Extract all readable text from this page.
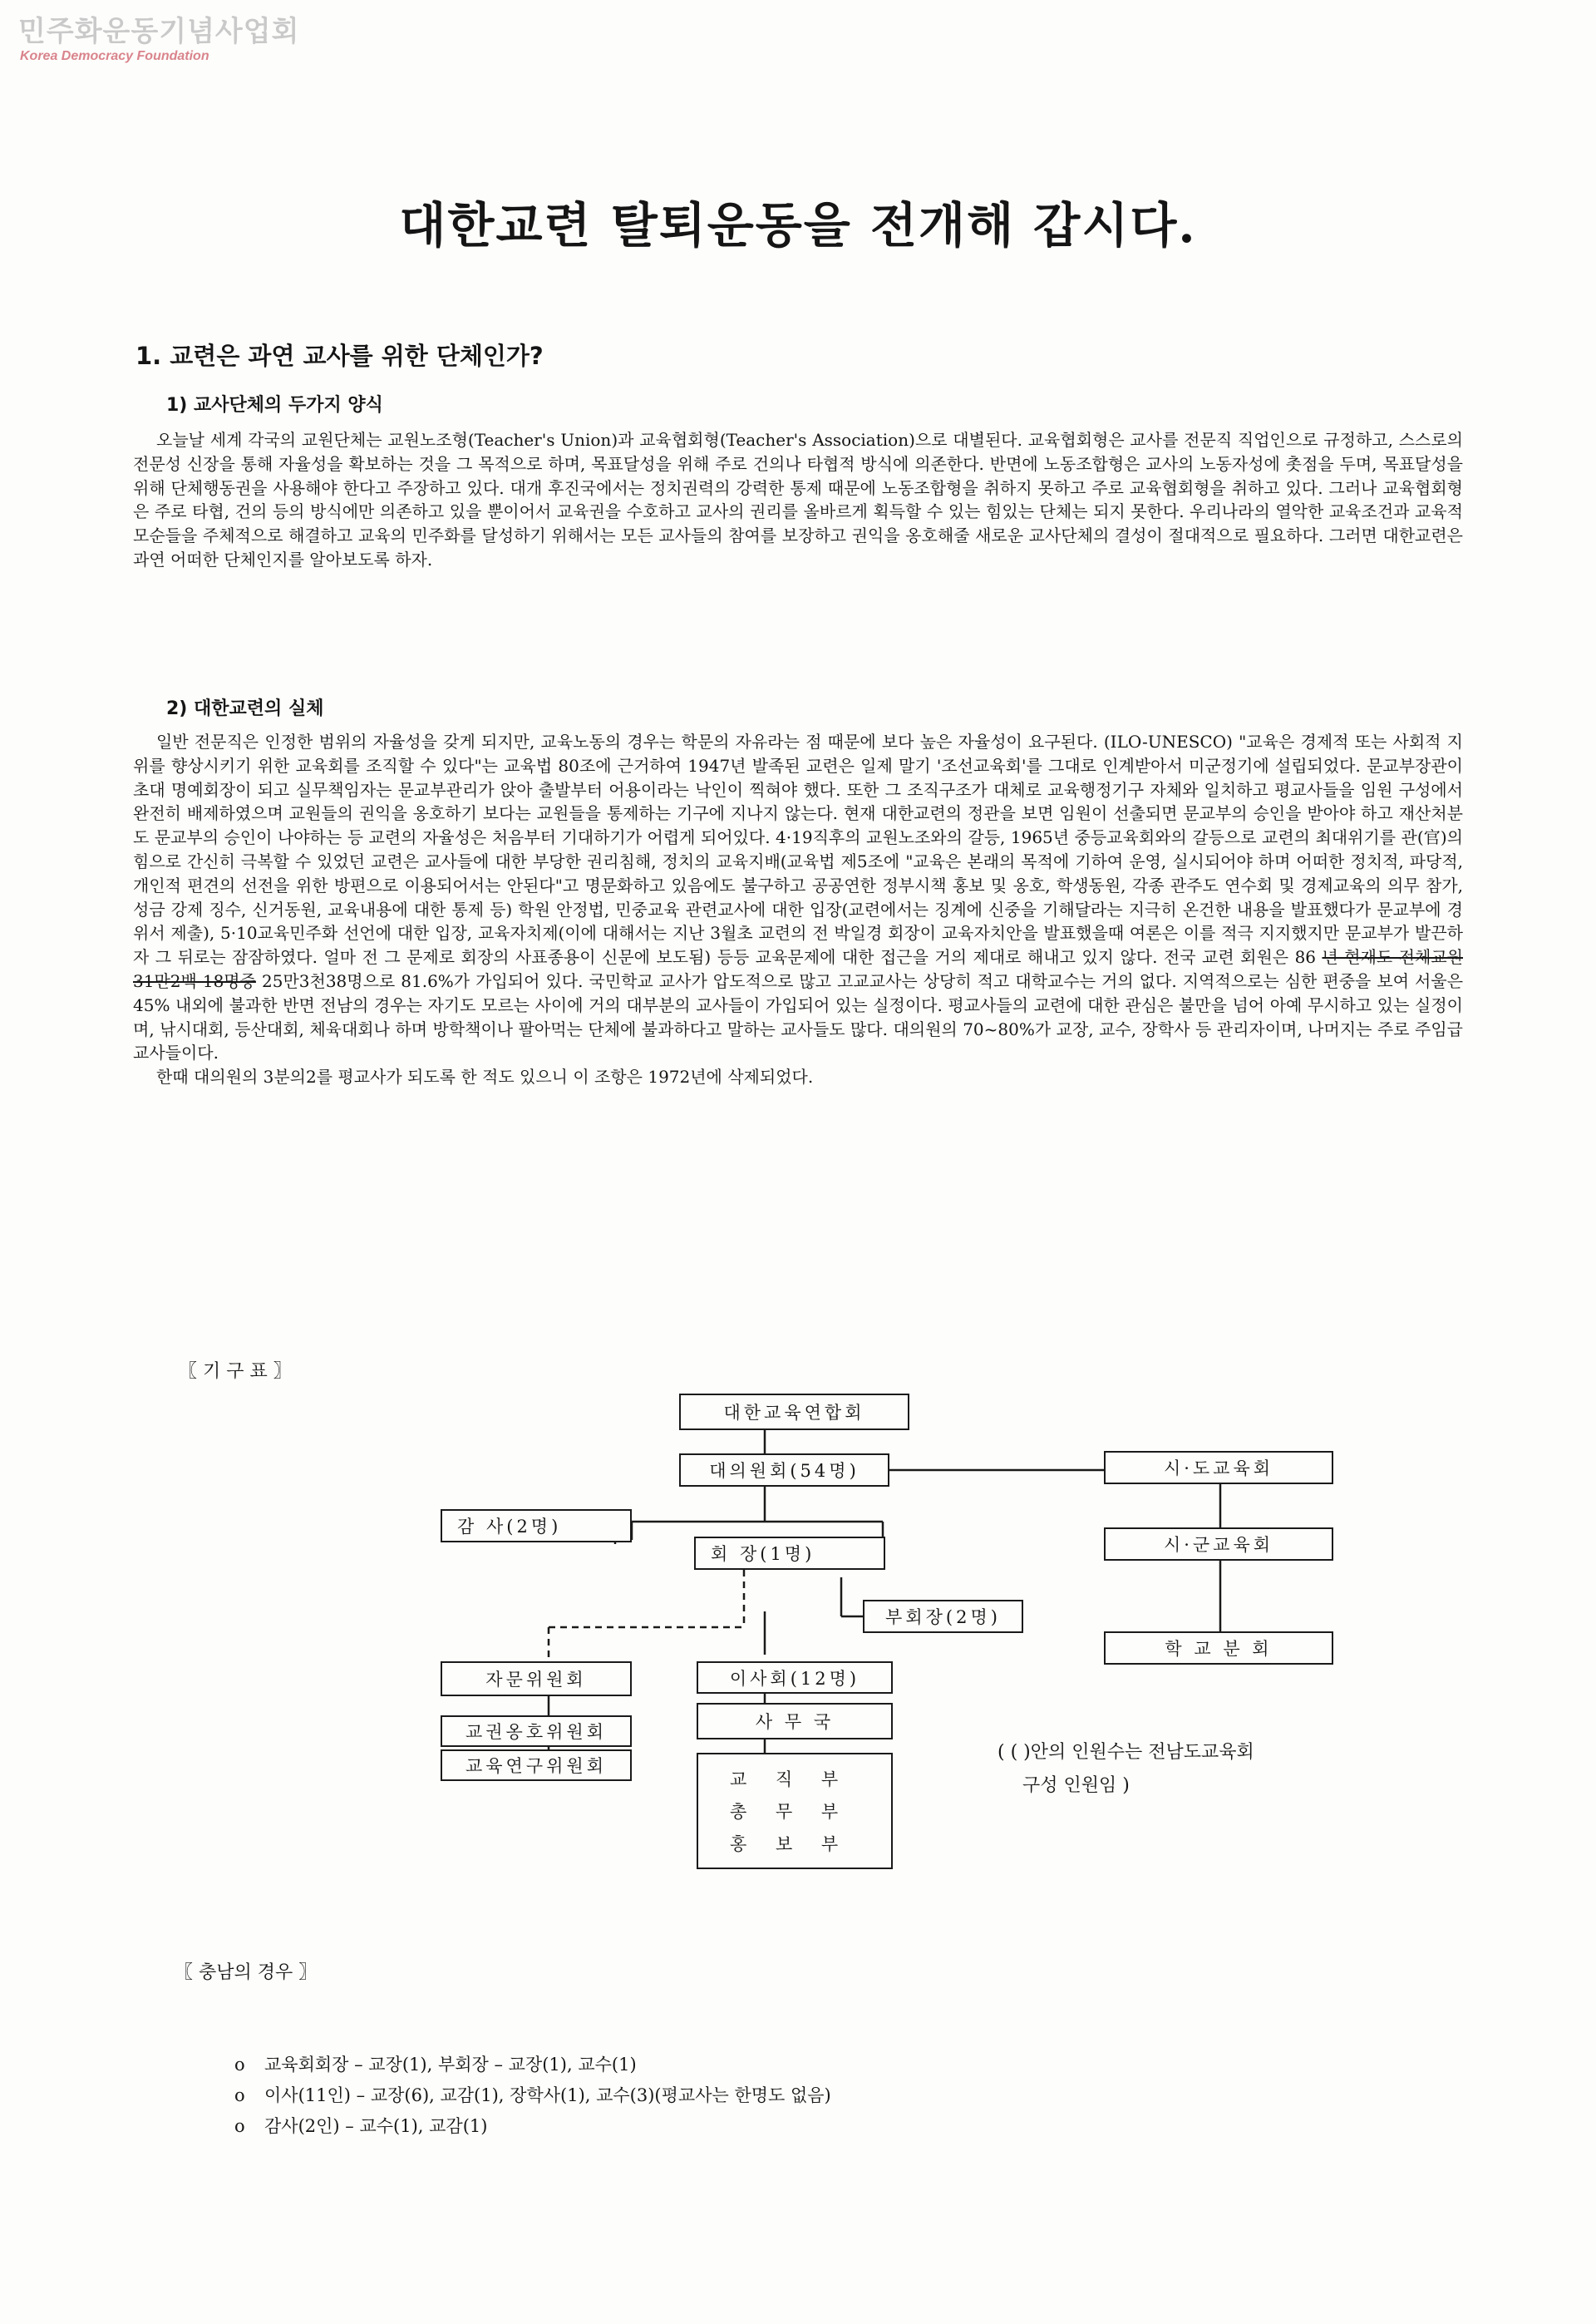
민주화운동기념사업회
Korea Democracy Foundation
대한교련 탈퇴운동을 전개해 갑시다.
1. 교련은 과연 교사를 위한 단체인가?
1) 교사단체의 두가지 양식

오늘날 세계 각국의 교원단체는 교원노조형(Teacher's Union)과 교육협회형(Teacher's Association)으로 대별된다. 교육협회형은 교사를 전문직 직업인으로 규정하고, 스스로의 전문성 신장을 통해 자율성을 확보하는 것을 그 목적으로 하며, 목표달성을 위해 주로 건의나 타협적 방식에 의존한다. 반면에 노동조합형은 교사의 노동자성에 촛점을 두며, 목표달성을 위해 단체행동권을 사용해야 한다고 주장하고 있다. 대개 후진국에서는 정치권력의 강력한 통제 때문에 노동조합형을 취하지 못하고 주로 교육협회형을 취하고 있다. 그러나 교육협회형은 주로 타협, 건의 등의 방식에만 의존하고 있을 뿐이어서 교육권을 수호하고 교사의 권리를 올바르게 획득할 수 있는 힘있는 단체는 되지 못한다. 우리나라의 열악한 교육조건과 교육적 모순들을 주체적으로 해결하고 교육의 민주화를 달성하기 위해서는 모든 교사들의 참여를 보장하고 권익을 옹호해줄 새로운 교사단체의 결성이 절대적으로 필요하다. 그러면 대한교련은 과연 어떠한 단체인지를 알아보도록 하자.

2) 대한교련의 실체

일반 전문직은 인정한 범위의 자율성을 갖게 되지만, 교육노동의 경우는 학문의 자유라는 점 때문에 보다 높은 자율성이 요구된다. (ILO-UNESCO) "교육은 경제적 또는 사회적 지위를 향상시키기 위한 교육회를 조직할 수 있다"는 교육법 80조에 근거하여 1947년 발족된 교련은 일제 말기 '조선교육회'를 그대로 인계받아서 미군정기에 설립되었다. 문교부장관이 초대 명예회장이 되고 실무책임자는 문교부관리가 앉아 출발부터 어용이라는 낙인이 찍혀야 했다. 또한 그 조직구조가 대체로 교육행정기구 자체와 일치하고 평교사들을 임원 구성에서 완전히 배제하였으며 교원들의 권익을 옹호하기 보다는 교원들을 통제하는 기구에 지나지 않는다. 현재 대한교련의 정관을 보면 임원이 선출되면 문교부의 승인을 받아야 하고 재산처분도 문교부의 승인이 나야하는 등 교련의 자율성은 처음부터 기대하기가 어렵게 되어있다. 4·19직후의 교원노조와의 갈등, 1965년 중등교육회와의 갈등으로 교련의 최대위기를 관(官)의 힘으로 간신히 극복할 수 있었던 교련은 교사들에 대한 부당한 권리침해, 정치의 교육지배(교육법 제5조에 "교육은 본래의 목적에 기하여 운영, 실시되어야 하며 어떠한 정치적, 파당적, 개인적 편견의 선전을 위한 방편으로 이용되어서는 안된다"고 명문화하고 있음에도 불구하고 공공연한 정부시책 홍보 및 옹호, 학생동원, 각종 관주도 연수회 및 경제교육의 의무 참가, 성금 강제 징수, 신거동원, 교육내용에 대한 통제 등) 학원 안정법, 민중교육 관련교사에 대한 입장(교련에서는 징계에 신중을 기해달라는 지극히 온건한 내용을 발표했다가 문교부에 경위서 제출), 5·10교육민주화 선언에 대한 입장, 교육자치제(이에 대해서는 지난 3월초 교련의 전 박일경 회장이 교육자치안을 발표했을때 여론은 이를 적극 지지했지만 문교부가 발끈하자 그 뒤로는 잠잠하였다. 얼마 전 그 문제로 회장의 사표종용이 신문에 보도됨) 등등 교육문제에 대한 접근을 거의 제대로 해내고 있지 않다. 전국 교련 회원은 86 년 현재도 전체교원 31만2백 18명중 25만3천38명으로 81.6%가 가입되어 있다. 국민학교 교사가 압도적으로 많고 고교교사는 상당히 적고 대학교수는 거의 없다. 지역적으로는 심한 편중을 보여 서울은 45% 내외에 불과한 반면 전남의 경우는 자기도 모르는 사이에 거의 대부분의 교사들이 가입되어 있는 실정이다. 평교사들의 교련에 대한 관심은 불만을 넘어 아예 무시하고 있는 실정이며, 낚시대회, 등산대회, 체육대회나 하며 방학책이나 팔아먹는 단체에 불과하다고 말하는 교사들도 많다. 대의원의 70~80%가 교장, 교수, 장학사 등 관리자이며, 나머지는 주로 주임급 교사들이다.

한때 대의원의 3분의2를 평교사가 되도록 한 적도 있으니 이 조항은 1972년에 삭제되었다.

〖 기 구 표 〗
대한교육연합회
대의원회(54명)
감 사(2명)
회 장(1명)
부회장(2명)
자문위원회	이사회(12명)
사 무 국
교권옹호위원회
교육연구위원회
교 직 부
총 무 부
홍 보 부
시·도교육회
시·군교육회
학 교 분 회
( ( )안의 인원수는 전남도교육회
구성 인원임 )
〖 충남의 경우 〗
o 교육회회장 – 교장(1), 부회장 – 교장(1), 교수(1)
o 이사(11인) – 교장(6), 교감(1), 장학사(1), 교수(3)(평교사는 한명도 없음)
o 감사(2인) – 교수(1), 교감(1)
